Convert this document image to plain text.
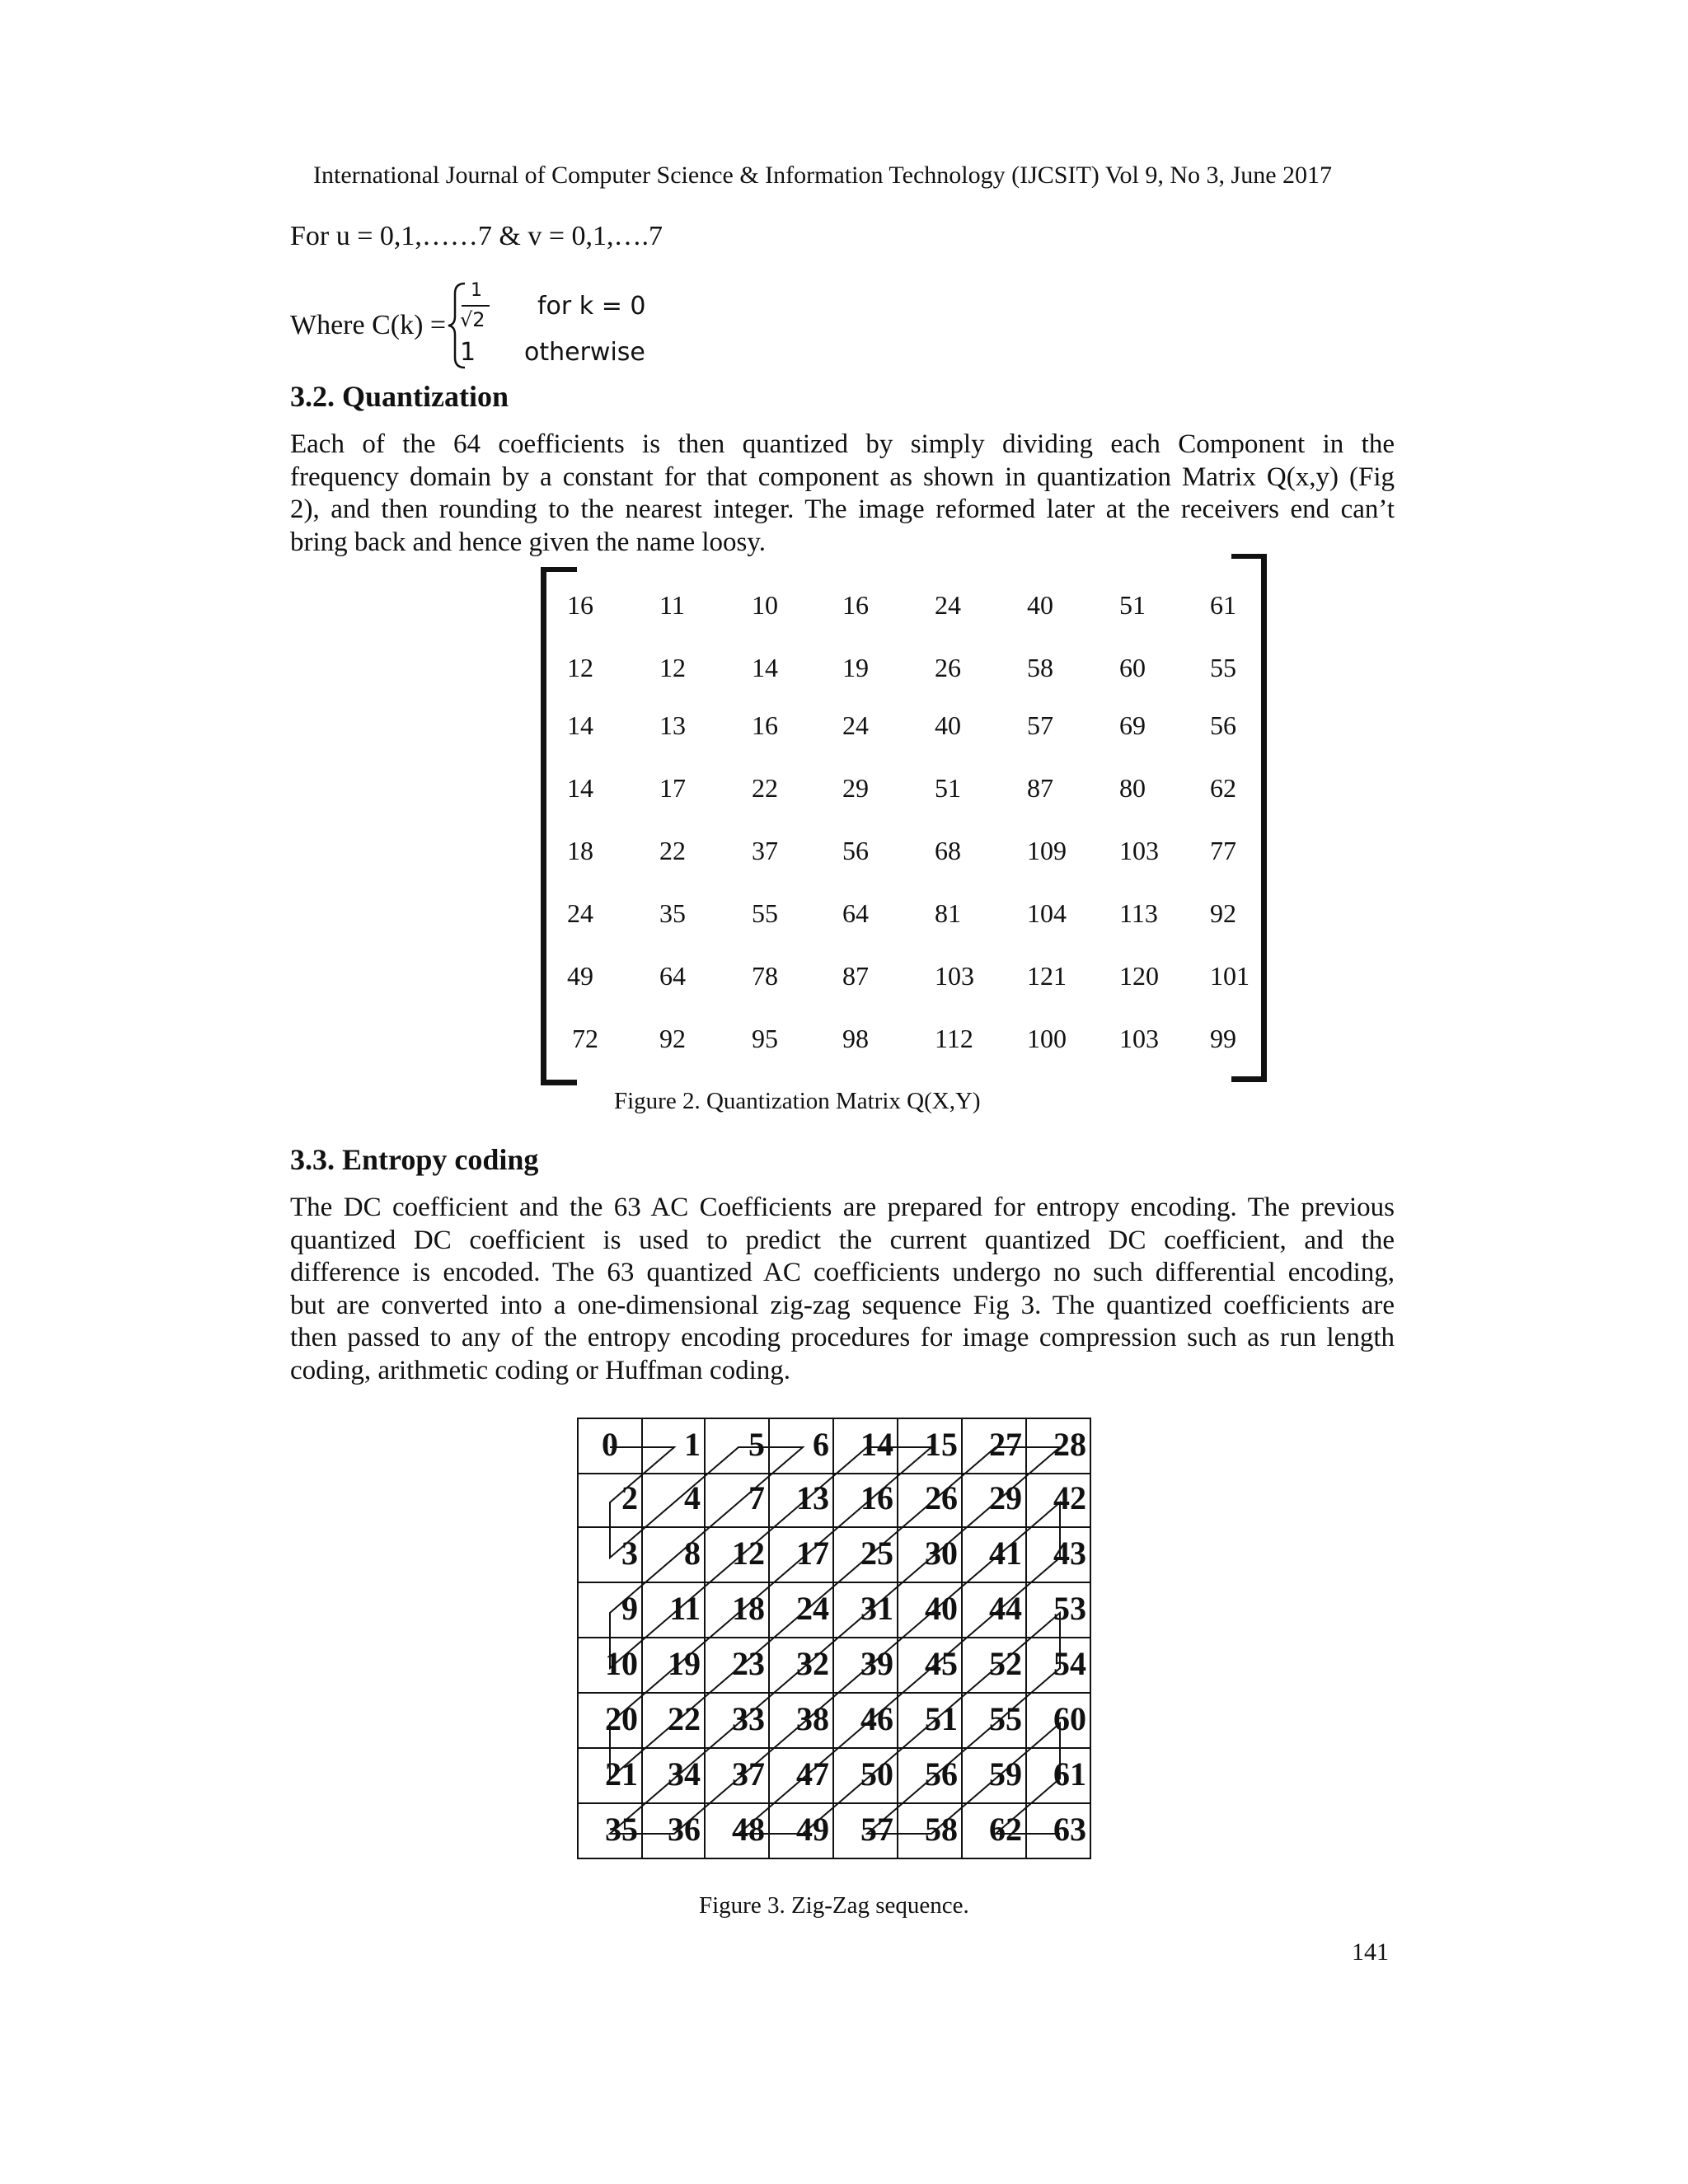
International Journal of Computer Science & Information Technology (IJCSIT) Vol 9, No 3, June 2017
For u = 0,1,……7 & v = 0,1,….7
Where C(k) =
1
√2 for k = 0
1 otherwise
3.2. Quantization
Each of the 64 coefficients is then quantized by simply dividing each Component in the
frequency domain by a constant for that component as shown in quantization Matrix Q(x,y) (Fig
2), and then rounding to the nearest integer. The image reformed later at the receivers end can’t
bring back and hence given the name loosy.
16	11	10 16	24	40	51 61
12	12	14 19	26	58	60 55
14	13	16 24	40	57	69 56
14	17	22 29	51	87	80 62
18	22	37 56	68	109 103 77
24	35	55 64	81	104 113 92
49	64	78 87	103 121 120 101
72 92	95 98	112 100 103 99
Figure 2. Quantization Matrix Q(X,Y)
3.3. Entropy coding
The DC coefficient and the 63 AC Coefficients are prepared for entropy encoding. The previous
quantized DC coefficient is used to predict the current quantized DC coefficient, and the
difference is encoded. The 63 quantized AC coefficients undergo no such differential encoding,
but are converted into a one-dimensional zig-zag sequence Fig 3. The quantized coefficients are
then passed to any of the entropy encoding procedures for image compression such as run length
coding, arithmetic coding or Huffman coding.
0	1	5	6 14 15 27 28
2	4	7 13 16 26 29 42
3	8 12 17 25 30 41 43
9 11 18 24 31 40 44 53
10 19 23 32 39 45 52 54
20 22 33 38 46 51 55 60
21 34 37 47 50 56 59 61
35 36 48 49 57 58 62 63
Figure 3. Zig-Zag sequence.
141
